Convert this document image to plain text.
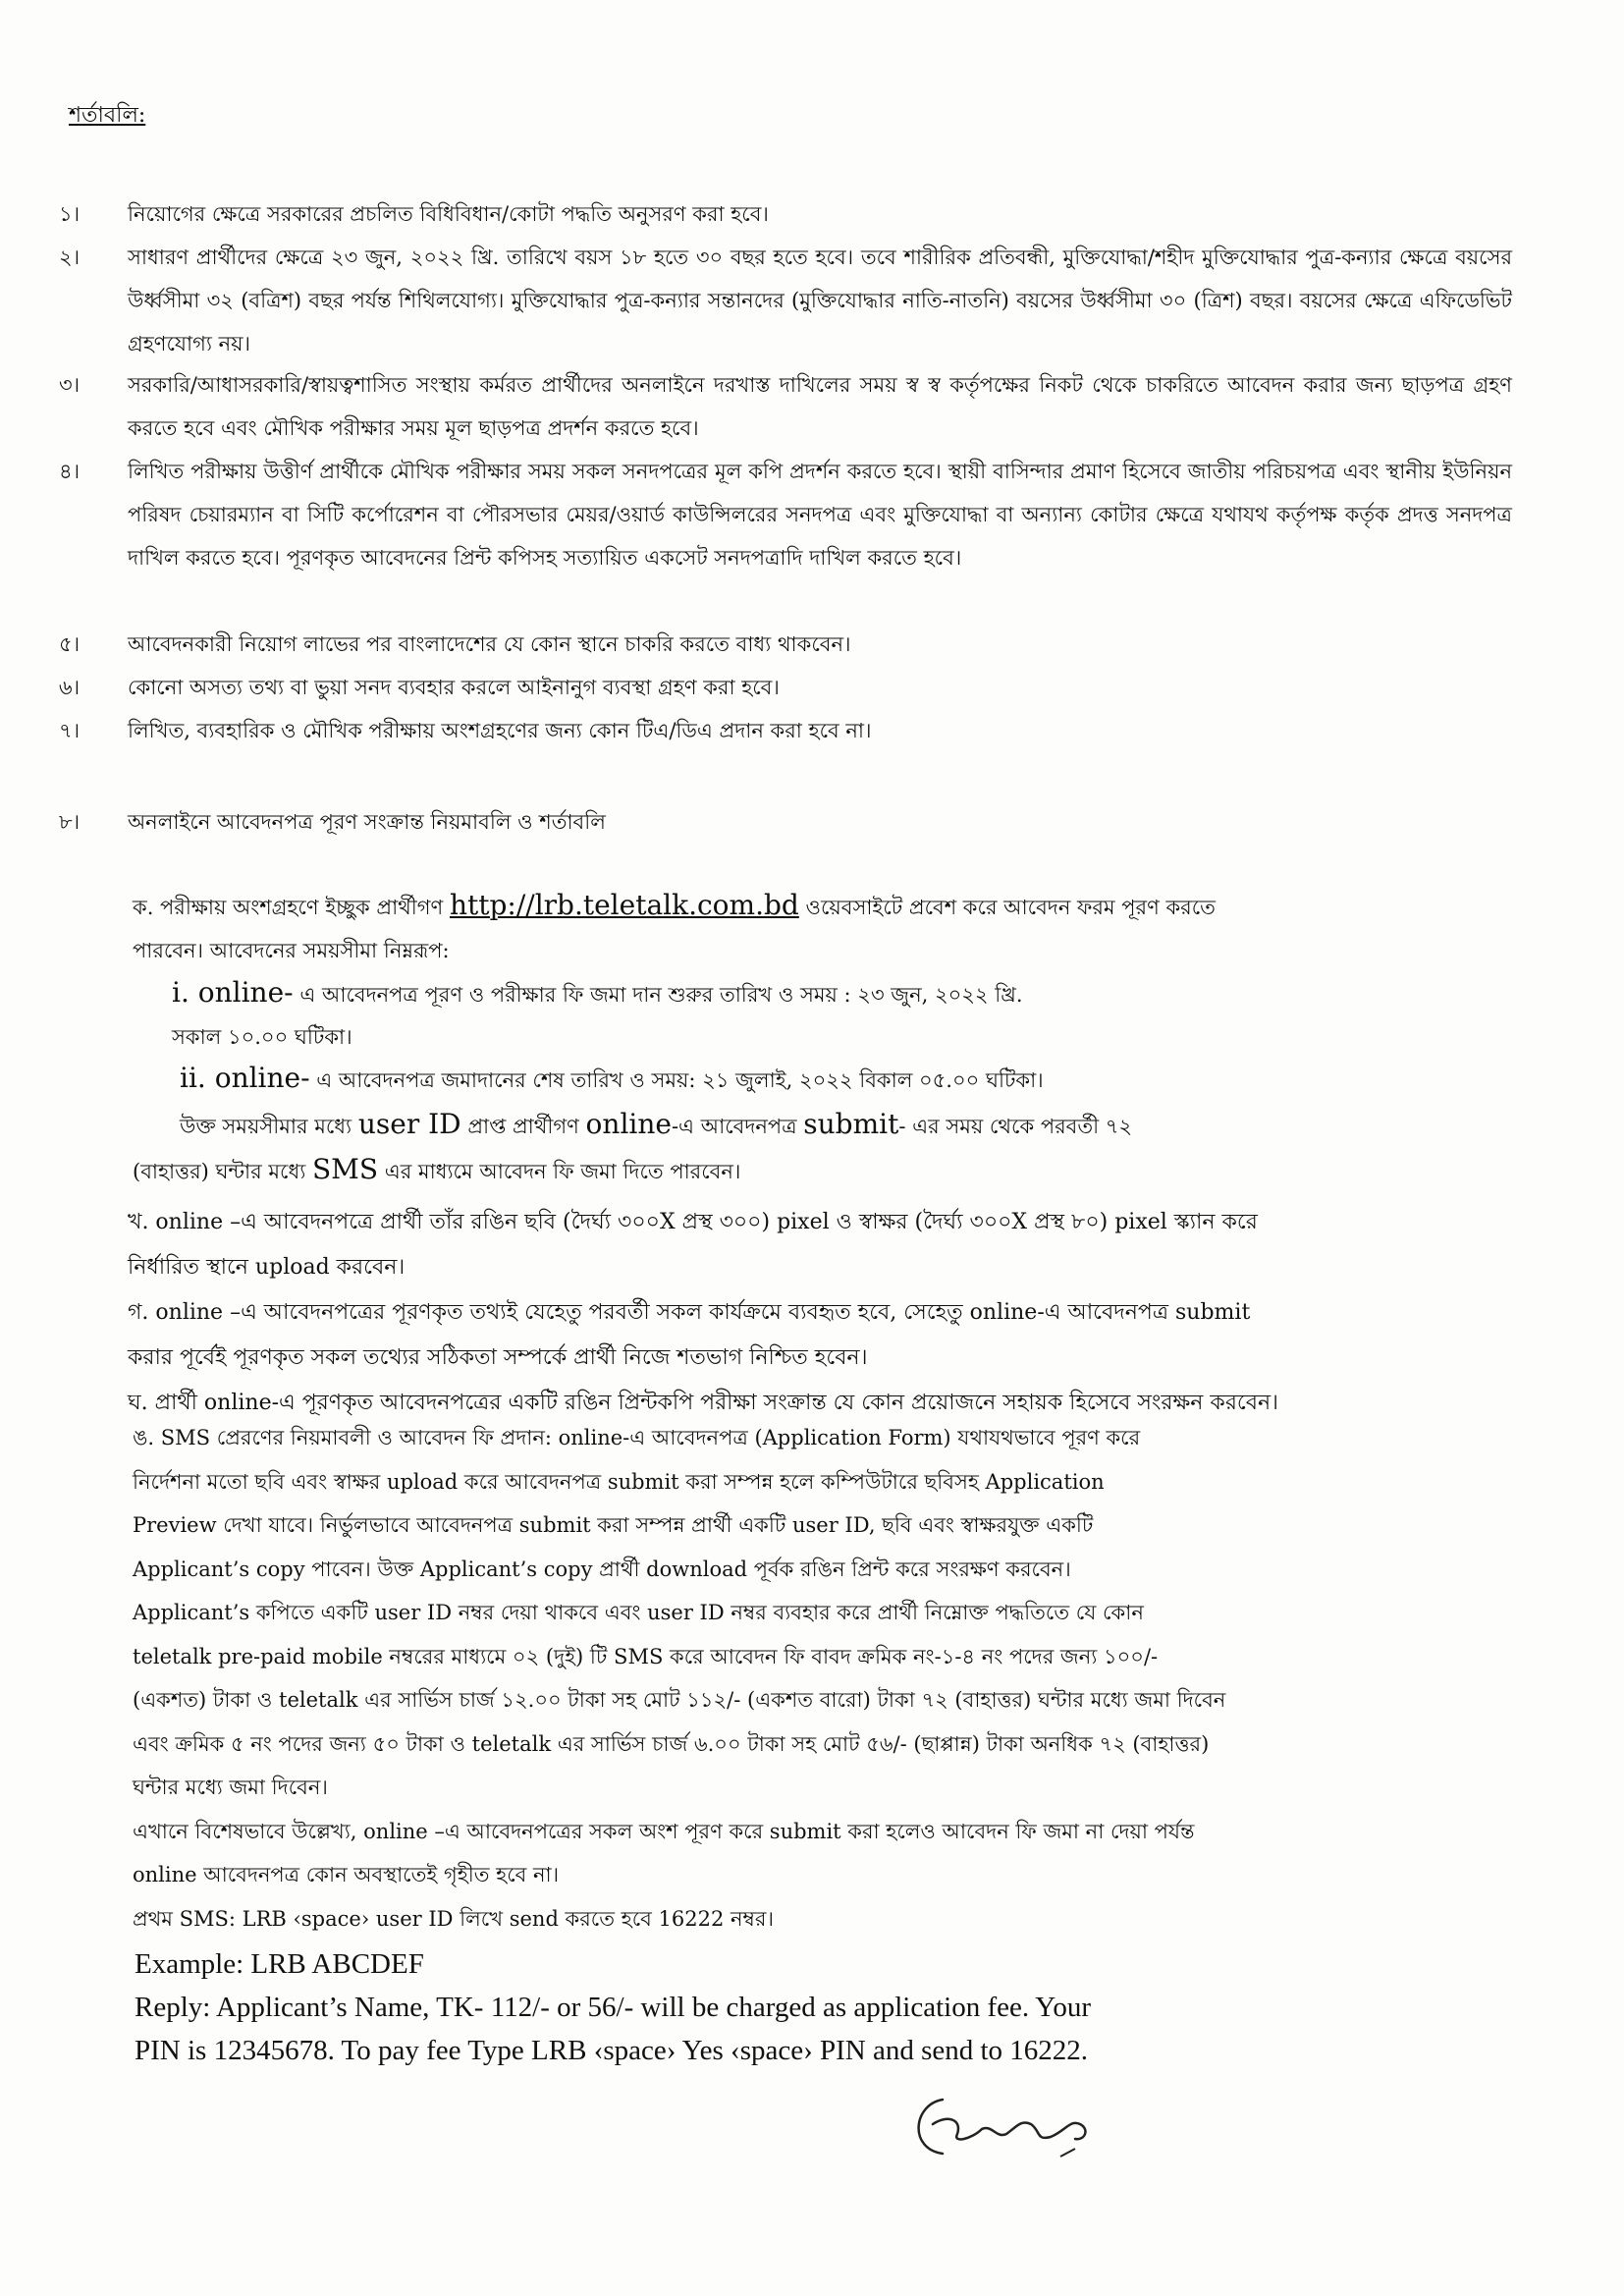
শর্তাবলি:
১।	নিয়োগের ক্ষেত্রে সরকারের প্রচলিত বিধিবিধান/কোটা পদ্ধতি অনুসরণ করা হবে।
২।	সাধারণ প্রার্থীদের ক্ষেত্রে ২৩ জুন, ২০২২ খ্রি. তারিখে বয়স ১৮ হতে ৩০ বছর হতে হবে। তবে শারীরিক প্রতিবন্ধী, মুক্তিযোদ্ধা/শহীদ মুক্তিযোদ্ধার পুত্র-কন্যার ক্ষেত্রে বয়সের উর্ধ্বসীমা ৩২ (বত্রিশ) বছর পর্যন্ত শিথিলযোগ্য। মুক্তিযোদ্ধার পুত্র-কন্যার সন্তানদের (মুক্তিযোদ্ধার নাতি-নাতনি) বয়সের উর্ধ্বসীমা ৩০ (ত্রিশ) বছর। বয়সের ক্ষেত্রে এফিডেভিট গ্রহণযোগ্য নয়।
৩।	সরকারি/আধাসরকারি/স্বায়ত্বশাসিত সংস্থায় কর্মরত প্রার্থীদের অনলাইনে দরখাস্ত দাখিলের সময় স্ব স্ব কর্তৃপক্ষের নিকট থেকে চাকরিতে আবেদন করার জন্য ছাড়পত্র গ্রহণ করতে হবে এবং মৌখিক পরীক্ষার সময় মূল ছাড়পত্র প্রদর্শন করতে হবে।
৪।	লিখিত পরীক্ষায় উত্তীর্ণ প্রার্থীকে মৌখিক পরীক্ষার সময় সকল সনদপত্রের মূল কপি প্রদর্শন করতে হবে। স্থায়ী বাসিন্দার প্রমাণ হিসেবে জাতীয় পরিচয়পত্র এবং স্থানীয় ইউনিয়ন পরিষদ চেয়ারম্যান বা সিটি কর্পোরেশন বা পৌরসভার মেয়র/ওয়ার্ড কাউন্সিলরের সনদপত্র এবং মুক্তিযোদ্ধা বা অন্যান্য কোটার ক্ষেত্রে যথাযথ কর্তৃপক্ষ কর্তৃক প্রদত্ত সনদপত্র দাখিল করতে হবে। পূরণকৃত আবেদনের প্রিন্ট কপিসহ সত্যায়িত একসেট সনদপত্রাদি দাখিল করতে হবে।
৫।	আবেদনকারী নিয়োগ লাভের পর বাংলাদেশের যে কোন স্থানে চাকরি করতে বাধ্য থাকবেন।
৬।	কোনো অসত্য তথ্য বা ভুয়া সনদ ব্যবহার করলে আইনানুগ ব্যবস্থা গ্রহণ করা হবে।
৭।	লিখিত, ব্যবহারিক ও মৌখিক পরীক্ষায় অংশগ্রহণের জন্য কোন টিএ/ডিএ প্রদান করা হবে না।
৮।	অনলাইনে আবেদনপত্র পূরণ সংক্রান্ত নিয়মাবলি ও শর্তাবলি
ক. পরীক্ষায় অংশগ্রহণে ইচ্ছুক প্রার্থীগণ http://lrb.teletalk.com.bd ওয়েবসাইটে প্রবেশ করে আবেদন ফরম পূরণ করতে
পারবেন। আবেদনের সময়সীমা নিম্নরূপ:
i. online- এ আবেদনপত্র পূরণ ও পরীক্ষার ফি জমা দান শুরুর তারিখ ও সময় : ২৩ জুন, ২০২২ খ্রি.
সকাল ১০.০০ ঘটিকা।
ii. online- এ আবেদনপত্র জমাদানের শেষ তারিখ ও সময়: ২১ জুলাই, ২০২২ বিকাল ০৫.০০ ঘটিকা।
উক্ত সময়সীমার মধ্যে user ID প্রাপ্ত প্রার্থীগণ online-এ আবেদনপত্র submit- এর সময় থেকে পরবর্তী ৭২
(বাহাত্তর) ঘন্টার মধ্যে SMS এর মাধ্যমে আবেদন ফি জমা দিতে পারবেন।
খ. online –এ আবেদনপত্রে প্রার্থী তাঁর রঙিন ছবি (দৈর্ঘ্য ৩০০X প্রস্থ ৩০০) pixel ও স্বাক্ষর (দৈর্ঘ্য ৩০০X প্রস্থ ৮০) pixel স্ক্যান করে
নির্ধারিত স্থানে upload করবেন।
গ. online –এ আবেদনপত্রের পূরণকৃত তথ্যই যেহেতু পরবর্তী সকল কার্যক্রমে ব্যবহৃত হবে, সেহেতু online-এ আবেদনপত্র submit
করার পূর্বেই পূরণকৃত সকল তথ্যের সঠিকতা সম্পর্কে প্রার্থী নিজে শতভাগ নিশ্চিত হবেন।
ঘ. প্রার্থী online-এ পূরণকৃত আবেদনপত্রের একটি রঙিন প্রিন্টকপি পরীক্ষা সংক্রান্ত যে কোন প্রয়োজনে সহায়ক হিসেবে সংরক্ষন করবেন।
ঙ. SMS প্রেরণের নিয়মাবলী ও আবেদন ফি প্রদান: online-এ আবেদনপত্র (Application Form) যথাযথভাবে পূরণ করে
নির্দেশনা মতো ছবি এবং স্বাক্ষর upload করে আবেদনপত্র submit করা সম্পন্ন হলে কম্পিউটারে ছবিসহ Application
Preview দেখা যাবে। নির্ভুলভাবে আবেদনপত্র submit করা সম্পন্ন প্রার্থী একটি user ID, ছবি এবং স্বাক্ষরযুক্ত একটি
Applicant’s copy পাবেন। উক্ত Applicant’s copy প্রার্থী download পূর্বক রঙিন প্রিন্ট করে সংরক্ষণ করবেন।
Applicant’s কপিতে একটি user ID নম্বর দেয়া থাকবে এবং user ID নম্বর ব্যবহার করে প্রার্থী নিম্নোক্ত পদ্ধতিতে যে কোন
teletalk pre-paid mobile নম্বরের মাধ্যমে ০২ (দুই) টি SMS করে আবেদন ফি বাবদ ক্রমিক নং-১-৪ নং পদের জন্য ১০০/-
(একশত) টাকা ও teletalk এর সার্ভিস চার্জ ১২.০০ টাকা সহ মোট ১১২/- (একশত বারো) টাকা ৭২ (বাহাত্তর) ঘন্টার মধ্যে জমা দিবেন
এবং ক্রমিক ৫ নং পদের জন্য ৫০ টাকা ও teletalk এর সার্ভিস চার্জ ৬.০০ টাকা সহ মোট ৫৬/- (ছাপ্পান্ন) টাকা অনধিক ৭২ (বাহাত্তর)
ঘন্টার মধ্যে জমা দিবেন।
এখানে বিশেষভাবে উল্লেখ্য, online –এ আবেদনপত্রের সকল অংশ পূরণ করে submit করা হলেও আবেদন ফি জমা না দেয়া পর্যন্ত
online আবেদনপত্র কোন অবস্থাতেই গৃহীত হবে না।
প্রথম SMS: LRB ‹space› user ID লিখে send করতে হবে 16222 নম্বর।
Example: LRB ABCDEF
Reply: Applicant’s Name, TK- 112/- or 56/- will be charged as application fee. Your
PIN is 12345678. To pay fee Type LRB ‹space› Yes ‹space› PIN and send to 16222.
